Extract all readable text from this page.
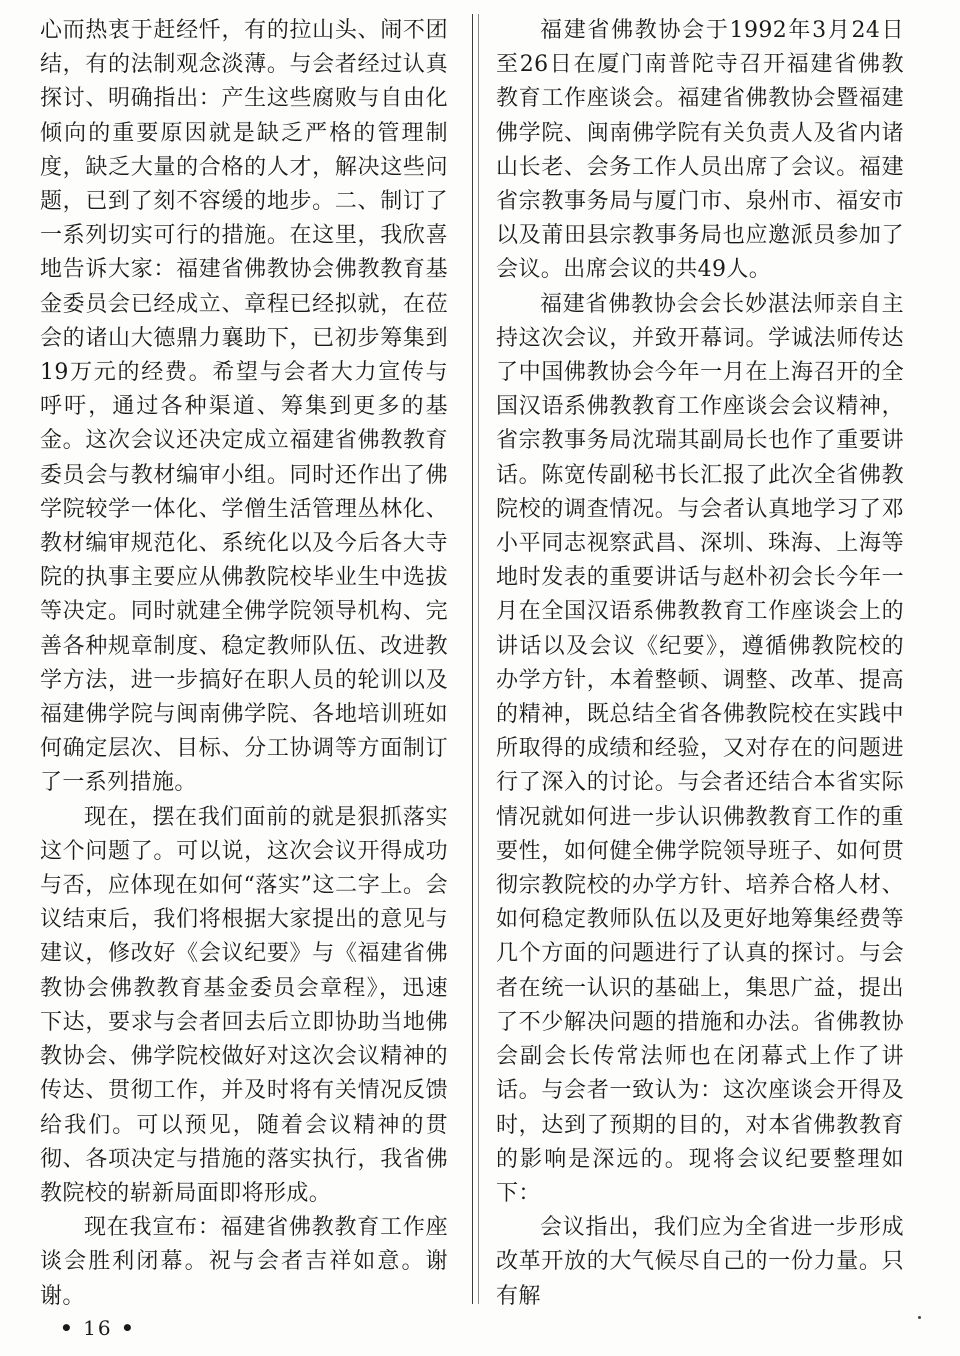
心而热衷于赶经忏，有的拉山头、闹不团结，有的法制观念淡薄。与会者经过认真探讨、明确指出：产生这些腐败与自由化倾向的重要原因就是缺乏严格的管理制度，缺乏大量的合格的人才，解决这些问题，已到了刻不容缓的地步。二、制订了一系列切实可行的措施。在这里，我欣喜地告诉大家：福建省佛教协会佛教教育基金委员会已经成立、章程已经拟就，在莅会的诸山大德鼎力襄助下，已初步筹集到19万元的经费。希望与会者大力宣传与呼吁，通过各种渠道、筹集到更多的基金。这次会议还决定成立福建省佛教教育委员会与教材编审小组。同时还作出了佛学院较学一体化、学僧生活管理丛林化、教材编审规范化、系统化以及今后各大寺院的执事主要应从佛教院校毕业生中选拔等决定。同时就建全佛学院领导机构、完善各种规章制度、稳定教师队伍、改进教学方法，进一步搞好在职人员的轮训以及福建佛学院与闽南佛学院、各地培训班如何确定层次、目标、分工协调等方面制订了一系列措施。

现在，摆在我们面前的就是狠抓落实这个问题了。可以说，这次会议开得成功与否，应体现在如何“落实”这二字上。会议结束后，我们将根据大家提出的意见与建议，修改好《会议纪要》与《福建省佛教协会佛教教育基金委员会章程》，迅速下达，要求与会者回去后立即协助当地佛教协会、佛学院校做好对这次会议精神的传达、贯彻工作，并及时将有关情况反馈给我们。可以预见，随着会议精神的贯彻、各项决定与措施的落实执行，我省佛教院校的崭新局面即将形成。

现在我宣布：福建省佛教教育工作座谈会胜利闭幕。祝与会者吉祥如意。谢谢。

福建省佛教协会于1992年3月24日至26日在厦门南普陀寺召开福建省佛教教育工作座谈会。福建省佛教协会暨福建佛学院、闽南佛学院有关负责人及省内诸山长老、会务工作人员出席了会议。福建省宗教事务局与厦门市、泉州市、福安市以及莆田县宗教事务局也应邀派员参加了会议。出席会议的共49人。

福建省佛教协会会长妙湛法师亲自主持这次会议，并致开幕词。学诚法师传达了中国佛教协会今年一月在上海召开的全国汉语系佛教教育工作座谈会会议精神，省宗教事务局沈瑞其副局长也作了重要讲话。陈宽传副秘书长汇报了此次全省佛教院校的调查情况。与会者认真地学习了邓小平同志视察武昌、深圳、珠海、上海等地时发表的重要讲话与赵朴初会长今年一月在全国汉语系佛教教育工作座谈会上的讲话以及会议《纪要》，遵循佛教院校的办学方针，本着整顿、调整、改革、提高的精神，既总结全省各佛教院校在实践中所取得的成绩和经验，又对存在的问题进行了深入的讨论。与会者还结合本省实际情况就如何进一步认识佛教教育工作的重要性，如何健全佛学院领导班子、如何贯彻宗教院校的办学方针、培养合格人材、如何稳定教师队伍以及更好地筹集经费等几个方面的问题进行了认真的探讨。与会者在统一认识的基础上，集思广益，提出了不少解决问题的措施和办法。省佛教协会副会长传常法师也在闭幕式上作了讲话。与会者一致认为：这次座谈会开得及时，达到了预期的目的，对本省佛教教育的影响是深远的。现将会议纪要整理如下：

会议指出，我们应为全省进一步形成改革开放的大气候尽自己的一份力量。只有解

• 16 •
